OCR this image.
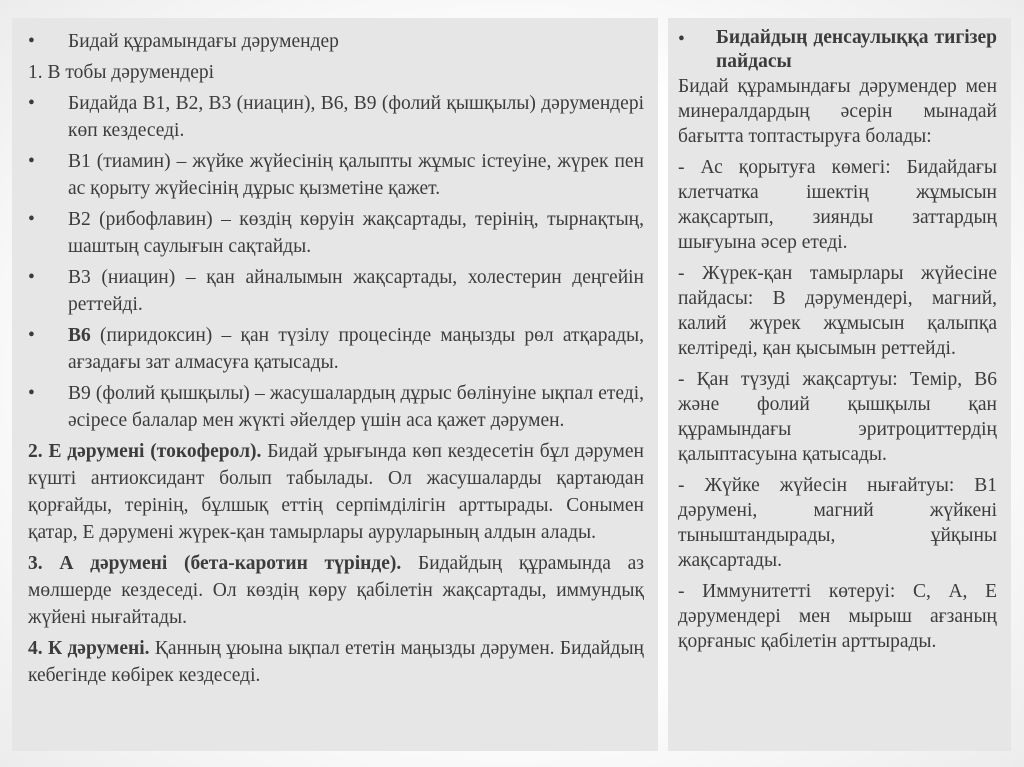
•	Бидай құрамындағы дәрумендер

1. В тобы дәрумендері

•	Бидайда В1, В2, В3 (ниацин), В6, В9 (фолий қышқылы) дәрумендері көп кездеседі.
•	В1 (тиамин) – жүйке жүйесінің қалыпты жұмыс істеуіне, жүрек пен ас қорыту жүйесінің дұрыс қызметіне қажет.
•	В2 (рибофлавин) – көздің көруін жақсартады, терінің, тырнақтың, шаштың саулығын сақтайды.
•	В3 (ниацин) – қан айналымын жақсартады, холестерин деңгейін реттейді.
•	В6 (пиридоксин) – қан түзілу процесінде маңызды рөл атқарады, ағзадағы зат алмасуға қатысады.
•	В9 (фолий қышқылы) – жасушалардың дұрыс бөлінуіне ықпал етеді, әсіресе балалар мен жүкті әйелдер үшін аса қажет дәрумен.

2. Е дәрумені (токоферол). Бидай ұрығында көп кездесетін бұл дәрумен күшті антиоксидант болып табылады. Ол жасушаларды қартаюдан қорғайды, терінің, бұлшық еттің серпімділігін арттырады. Сонымен қатар, Е дәрумені жүрек-қан тамырлары ауруларының алдын алады.

3. А дәрумені (бета-каротин түрінде). Бидайдың құрамында аз мөлшерде кездеседі. Ол көздің көру қабілетін жақсартады, иммундық жүйені нығайтады.

4. К дәрумені. Қанның ұюына ықпал ететін маңызды дәрумен. Бидайдың кебегінде көбірек кездеседі.

•	Бидайдың денсаулыққа тигізер пайдасы

Бидай құрамындағы дәрумендер мен минералдардың әсерін мынадай бағытта топтастыруға болады:

- Ас қорытуға көмегі: Бидайдағы клетчатка ішектің жұмысын жақсартып, зиянды заттардың шығуына әсер етеді.

- Жүрек-қан тамырлары жүйесіне пайдасы: В дәрумендері, магний, калий жүрек жұмысын қалыпқа келтіреді, қан қысымын реттейді.

- Қан түзуді жақсартуы: Темір, В6 және фолий қышқылы қан құрамындағы эритроциттердің қалыптасуына қатысады.

- Жүйке жүйесін нығайтуы: В1 дәрумені, магний жүйкені тыныштандырады, ұйқыны жақсартады.

- Иммунитетті көтеруі: С, А, Е дәрумендері мен мырыш ағзаның қорғаныс қабілетін арттырады.
